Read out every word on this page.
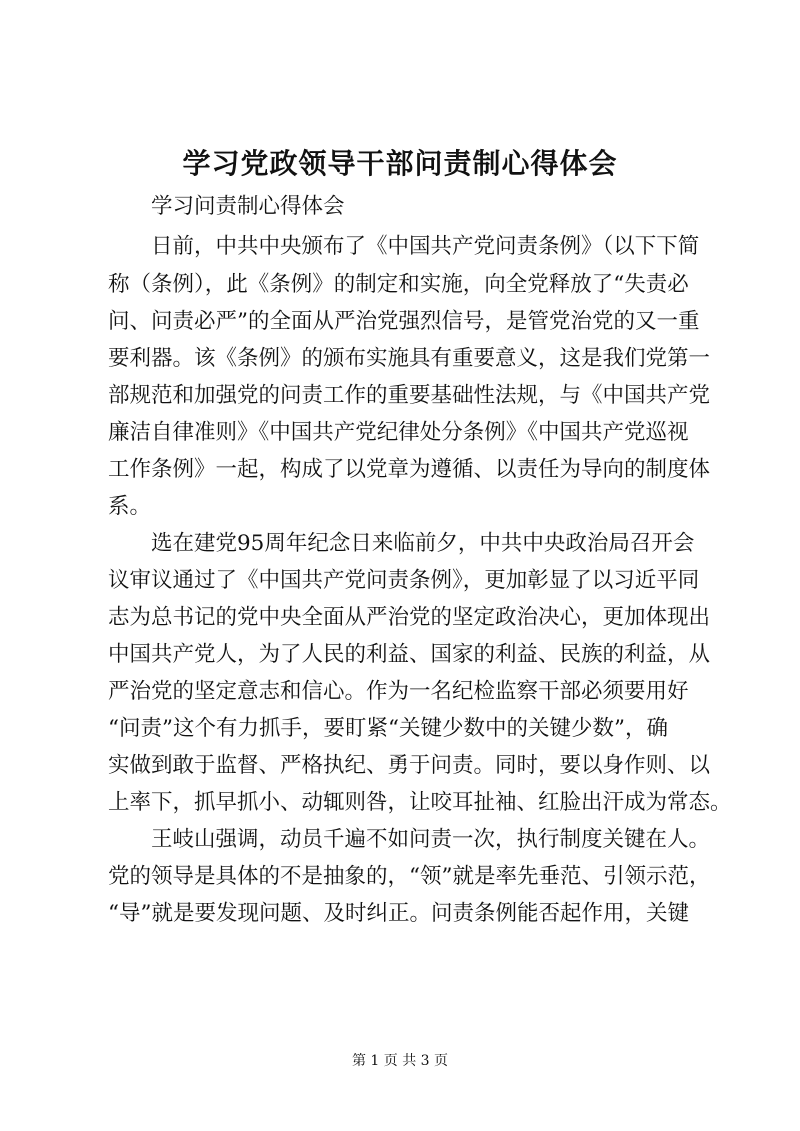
学习党政领导干部问责制心得体会
　　学习问责制心得体会
　　日前，中共中央颁布了《中国共产党问责条例》（以下下简
称（条例），此《条例》的制定和实施，向全党释放了“失责必
问、问责必严”的全面从严治党强烈信号，是管党治党的又一重
要利器。该《条例》的颁布实施具有重要意义，这是我们党第一
部规范和加强党的问责工作的重要基础性法规，与《中国共产党
廉洁自律准则》《中国共产党纪律处分条例》《中国共产党巡视
工作条例》一起，构成了以党章为遵循、以责任为导向的制度体
系。
　　选在建党95周年纪念日来临前夕，中共中央政治局召开会
议审议通过了《中国共产党问责条例》，更加彰显了以习近平同
志为总书记的党中央全面从严治党的坚定政治决心，更加体现出
中国共产党人，为了人民的利益、国家的利益、民族的利益，从
严治党的坚定意志和信心。作为一名纪检监察干部必须要用好
“问责”这个有力抓手，要盯紧“关键少数中的关键少数”，确
实做到敢于监督、严格执纪、勇于问责。同时，要以身作则、以
上率下，抓早抓小、动辄则咎，让咬耳扯袖、红脸出汗成为常态。
　　王岐山强调，动员千遍不如问责一次，执行制度关键在人。
党的领导是具体的不是抽象的，“领”就是率先垂范、引领示范，
“导”就是要发现问题、及时纠正。问责条例能否起作用，关键
第 1 页 共 3 页
